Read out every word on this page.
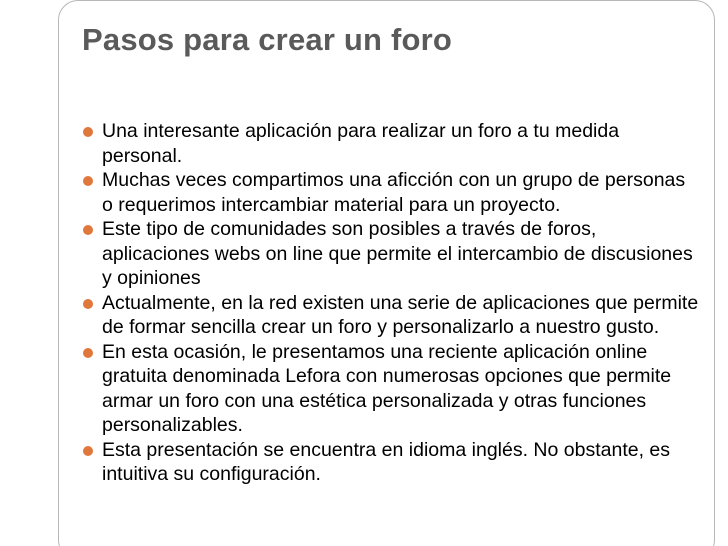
Pasos para crear un foro
Una interesante aplicación para realizar un foro a tu medida personal.
Muchas veces compartimos una aficción con un grupo de personas o requerimos intercambiar material para un proyecto.
Este tipo de comunidades son posibles a través de foros, aplicaciones webs on line que permite el intercambio de discusiones y opiniones
Actualmente, en la red existen una serie de aplicaciones que permite de formar sencilla crear un foro y personalizarlo a nuestro gusto.
En esta ocasión, le presentamos una reciente aplicación online gratuita denominada Lefora con numerosas opciones que permite armar un foro con una estética personalizada y otras funciones personalizables.
Esta presentación se encuentra en idioma inglés. No obstante, es intuitiva su configuración.
